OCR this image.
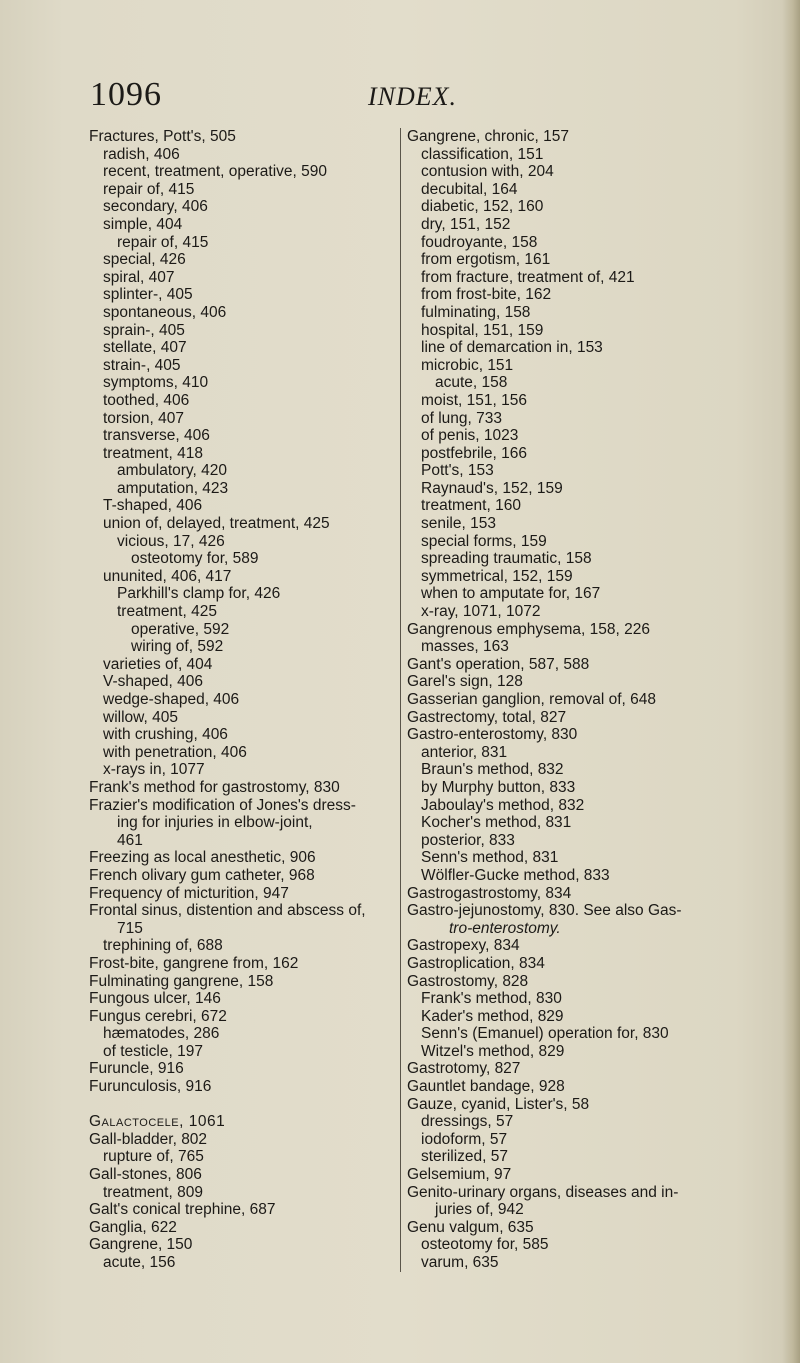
1096	INDEX.
Fractures, Pott's, 505
radish, 406
recent, treatment, operative, 590
repair of, 415
secondary, 406
simple, 404
repair of, 415
special, 426
spiral, 407
splinter-, 405
spontaneous, 406
sprain-, 405
stellate, 407
strain-, 405
symptoms, 410
toothed, 406
torsion, 407
transverse, 406
treatment, 418
ambulatory, 420
amputation, 423
T-shaped, 406
union of, delayed, treatment, 425
vicious, 17, 426
osteotomy for, 589
ununited, 406, 417
Parkhill's clamp for, 426
treatment, 425
operative, 592
wiring of, 592
varieties of, 404
V-shaped, 406
wedge-shaped, 406
willow, 405
with crushing, 406
with penetration, 406
x-rays in, 1077
Frank's method for gastrostomy, 830
Frazier's modification of Jones's dress-
ing for injuries in elbow-joint,
461
Freezing as local anesthetic, 906
French olivary gum catheter, 968
Frequency of micturition, 947
Frontal sinus, distention and abscess of,
715
trephining of, 688
Frost-bite, gangrene from, 162
Fulminating gangrene, 158
Fungous ulcer, 146
Fungus cerebri, 672
hæmatodes, 286
of testicle, 197
Furuncle, 916
Furunculosis, 916
Galactocele, 1061
Gall-bladder, 802
rupture of, 765
Gall-stones, 806
treatment, 809
Galt's conical trephine, 687
Ganglia, 622
Gangrene, 150
acute, 156
Gangrene, chronic, 157
classification, 151
contusion with, 204
decubital, 164
diabetic, 152, 160
dry, 151, 152
foudroyante, 158
from ergotism, 161
from fracture, treatment of, 421
from frost-bite, 162
fulminating, 158
hospital, 151, 159
line of demarcation in, 153
microbic, 151
acute, 158
moist, 151, 156
of lung, 733
of penis, 1023
postfebrile, 166
Pott's, 153
Raynaud's, 152, 159
treatment, 160
senile, 153
special forms, 159
spreading traumatic, 158
symmetrical, 152, 159
when to amputate for, 167
x-ray, 1071, 1072
Gangrenous emphysema, 158, 226
masses, 163
Gant's operation, 587, 588
Garel's sign, 128
Gasserian ganglion, removal of, 648
Gastrectomy, total, 827
Gastro-enterostomy, 830
anterior, 831
Braun's method, 832
by Murphy button, 833
Jaboulay's method, 832
Kocher's method, 831
posterior, 833
Senn's method, 831
Wölfler-Gucke method, 833
Gastrogastrostomy, 834
Gastro-jejunostomy, 830. See also Gas-
tro-enterostomy.
Gastropexy, 834
Gastroplication, 834
Gastrostomy, 828
Frank's method, 830
Kader's method, 829
Senn's (Emanuel) operation for, 830
Witzel's method, 829
Gastrotomy, 827
Gauntlet bandage, 928
Gauze, cyanid, Lister's, 58
dressings, 57
iodoform, 57
sterilized, 57
Gelsemium, 97
Genito-urinary organs, diseases and in-
juries of, 942
Genu valgum, 635
osteotomy for, 585
varum, 635
